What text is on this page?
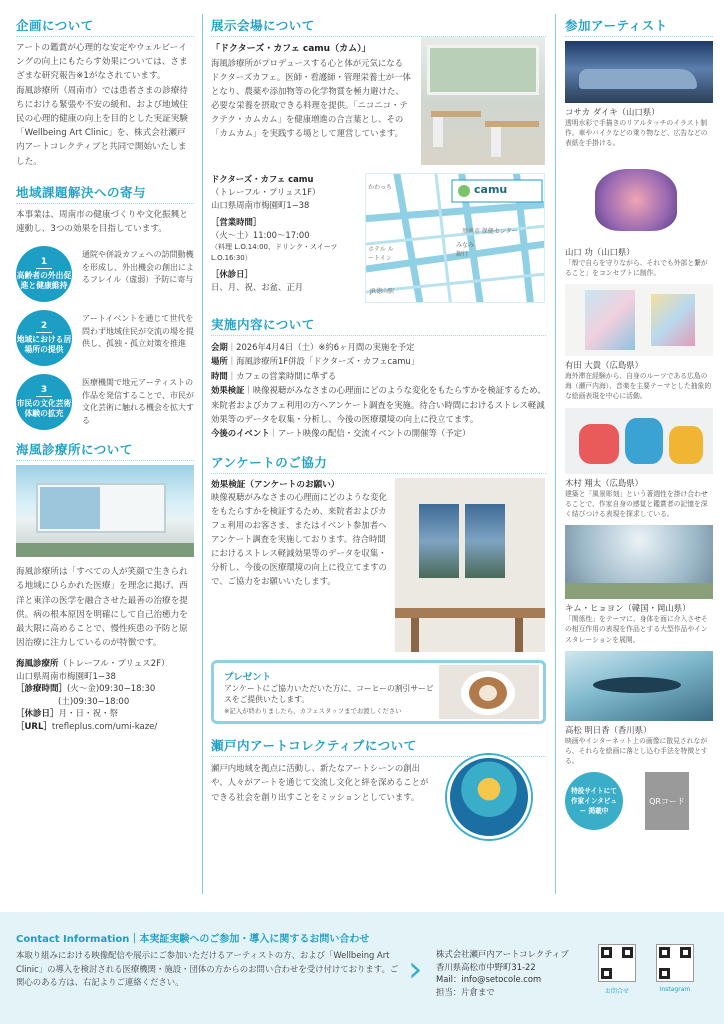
企画について
アートの鑑賞が心理的な安定やウェルビーイングの向上にもたらす効果については、さまざまな研究報告※1がなされています。
海風診療所（周南市）では患者さまの診療待ちにおける緊張や不安の緩和、および地域住民の心理的健康の向上を目的とした実証実験「Wellbeing Art Clinic」を、株式会社瀬戸内アートコレクティブと共同で開始いたしました。
地域課題解決への寄与
本事業は、周南市の健康づくりや文化振興と連動し、3つの効果を目指しています。
1
高齢者の外出促進と健康維持
通院や併設カフェへの訪問動機を形成し、外出機会の創出によるフレイル（虚弱）予防に寄与
2
地域における居場所の提供
アートイベントを通じて世代を問わず地域住民が交流の場を提供し、孤独・孤立対策を推進
3
市民の文化芸術体験の拡充
医療機関で地元アーティストの作品を発信することで、市民が文化芸術に触れる機会を拡大する
海風診療所について
海風診療所は「すべての人が笑顔で生きられる地域にひらかれた医療」を理念に掲げ、西洋と東洋の医学を融合させた最善の治療を提供。病の根本原因を明確にして自己治癒力を最大限に高めることで、慢性疾患の予防と原因治療に注力しているのが特徴です。
海風診療所（トレーフル・プリュス2F）
山口県周南市梅園町1−38
［診療時間］(火〜金)09:30−18:30
(土)09:30−18:00
［休診日］月・日・祝・祭
［URL］trefleplus.com/umi-kaze/
展示会場について
「ドクターズ・カフェ camu（カム）」
海風診療所がプロデュースする心と体が元気になるドクターズカフェ。医師・看護師・管理栄養士が一体となり、農薬や添加物等の化学物質を極力避けた、必要な栄養を摂取できる料理を提供。「ニコニコ・テクテク・カムカム」を健康増進の合言葉とし、その「カムカム」を実践する場として運営しています。
ドクターズ・カフェ camu
（トレーフル・プリュス1F）
山口県周南市梅園町1−38
［営業時間］
（火〜土）11:00〜17:00
（料理 L.O.14:00、ドリンク・スイーツ L.O.16:30）
［休診日］
日、月、祝、お盆、正月
camu
かわっち
周南市 保健センター
みなみ 銀行
ホテル ルートイン
JR徳山駅
実施内容について
会期｜2026年4月4日（土）※約6ヶ月間の実施を予定
場所｜海風診療所1F併設「ドクターズ・カフェcamu」
時間｜カフェの営業時間に準ずる
効果検証｜映像視聴がみなさまの心理面にどのような変化をもたらすかを検証するため、来院者およびカフェ利用の方へアンケート調査を実施。待合い時間におけるストレス軽減効果等のデータを収集・分析し、今後の医療環境の向上に役立てます。
今後のイベント｜アート映像の配信・交流イベントの開催等（予定）
アンケートのご協力
効果検証（アンケートのお願い）
映像視聴がみなさまの心理面にどのような変化をもたらすかを検証するため、来院者およびカフェ利用のお客さま、またはイベント参加者へアンケート調査を実施しております。待合時間におけるストレス軽減効果等のデータを収集・分析し、今後の医療環境の向上に役立てますので、ご協力をお願いいたします。
プレゼント
アンケートにご協力いただいた方に、コーヒーの割引サービスをご提供いたします。
※記入が終わりましたら、カフェスタッフまでお渡しください
瀬戸内アートコレクティブについて
瀬戸内地域を拠点に活動し、新たなアートシーンの創出や、人々がアートを通じて交流し文化と絆を深めることができる社会を創り出すことをミッションとしています。
参加アーティスト
コサカ ダイキ（山口県）
透明水彩で手描きのリアルタッチのイラスト制作。車やバイクなどの乗り物など、広告などの表紙を手掛ける。
山口 功（山口県）
「殻で自らを守りながら、それでも外部と繋がること」をコンセプトに制作。
有田 大貴（広島県）
海外滞在経験から、自身のルーツである広島の海（瀬戸内海）、音楽を主要テーマとした抽象的な絵画表現を中心に活動。
木村 翔太（広島県）
建築と「風景彫刻」という著週性を掛け合わせることで、作家自身の感覚と鑑賞者の記憶を深く結びつける表現を探求している。
キム・ヒョヨン（韓国・岡山県）
「関係性」をテーマに、身体を面に介入させその相互作用の表現を作品とする大型作品やインスタレーションを展開。
高松 明日香（香川県）
映画やインターネット上の画像に散見されながら、それらを絵画に落とし込む手法を特徴とする。
特設サイトにて 作家インタビュー 掲載中
QRコード
Contact Information｜本実証実験へのご参加・導入に関するお問い合わせ
本取り組みにおける映像配信や展示にご参加いただけるアーティストの方、および「Wellbeing Art Clinic」の導入を検討される医療機関・施設・団体の方からのお問い合わせを受け付けております。ご関心のある方は、右記よりご連絡ください。	› 株式会社瀬戸内アートコレクティブ
香川県高松市中野町31-22
Mail：info@setocole.com
担当：片倉まで	お問合せ	Instagram
